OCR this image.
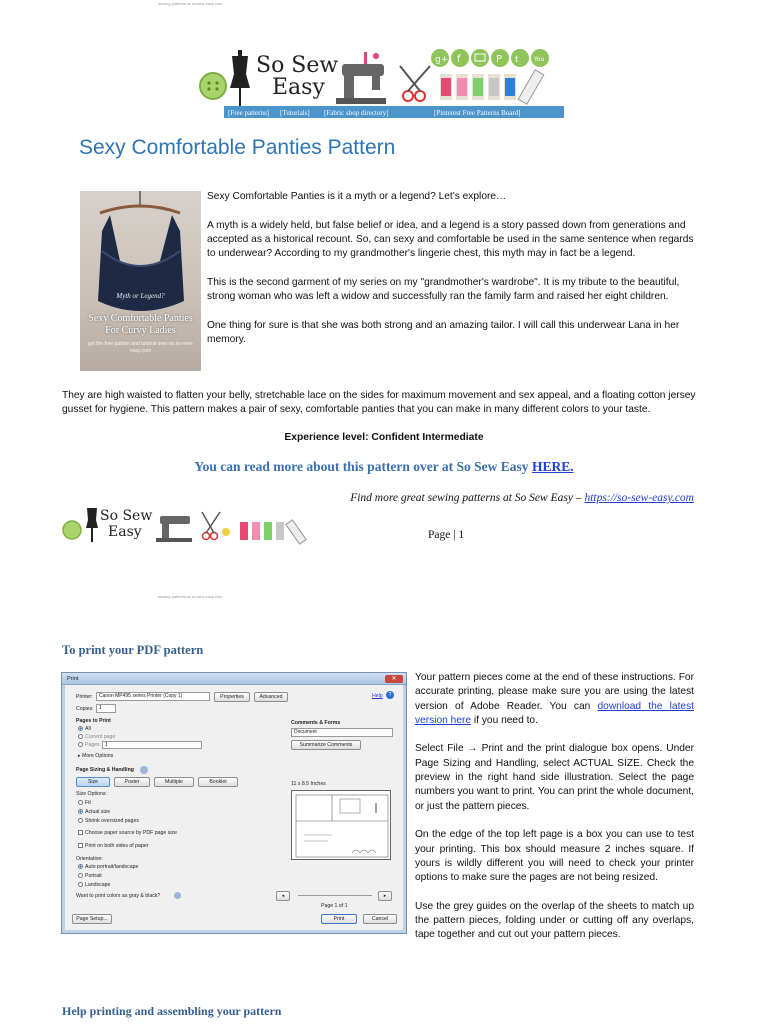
sewing patterns at so-sew-easy.com
So Sew
Easy
g+ f	P t	You
[Free patterns] [Tutorials] [Fabric shop directory]	[Pinterest Free Patterns Board]
Sexy Comfortable Panties Pattern
Myth or Legend?
Sexy Comfortable Panties For Curvy Ladies
get the free pattern and tutorial over on so-sew-easy.com

Sexy Comfortable Panties is it a myth or a legend? Let's explore…

A myth is a widely held, but false belief or idea, and a legend is a story passed down from generations and accepted as a historical recount. So, can sexy and comfortable be used in the same sentence when regards to underwear? According to my grandmother's lingerie chest, this myth may in fact be a legend.

This is the second garment of my series on my "grandmother's wardrobe". It is my tribute to the beautiful, strong woman who was left a widow and successfully ran the family farm and raised her eight children.

One thing for sure is that she was both strong and an amazing tailor. I will call this underwear Lana in her memory.

They are high waisted to flatten your belly, stretchable lace on the sides for maximum movement and sex appeal, and a floating cotton jersey gusset for hygiene. This pattern makes a pair of sexy, comfortable panties that you can make in many different colors to your taste.
Experience level: Confident Intermediate
You can read more about this pattern over at So Sew Easy HERE.
Find more great sewing patterns at So Sew Easy – https://so-sew-easy.com
So Sew
Easy	Page | 1
sewing patterns at so-sew-easy.com
To print your PDF pattern
Print	✕
Printer:	Canon MP495 series Printer (Copy 1)	Properties	Advanced	Help	?
Copies:	1
Pages to Print
All
Current page
Pages	1
▸ More Options
Page Sizing & Handling
Size	Poster	Multiple	Booklet
Size Options:
Fit
Actual size
Shrink oversized pages
Choose paper source by PDF page size
Print on both sides of paper
Orientation:
Auto portrait/landscape
Portrait
Landscape
Want to print colors as gray & black?
Comments & Forms
Document
Summarize Comments
11 x 8.5 Inches
◂	▸
Page 1 of 1
Page Setup...	Print	Cancel

Your pattern pieces come at the end of these instructions. For accurate printing, please make sure you are using the latest version of Adobe Reader. You can download the latest version here if you need to.

Select File → Print and the print dialogue box opens. Under Page Sizing and Handling, select ACTUAL SIZE. Check the preview in the right hand side illustration. Select the page numbers you want to print. You can print the whole document, or just the pattern pieces.

On the edge of the top left page is a box you can use to test your printing. This box should measure 2 inches square. If yours is wildly different you will need to check your printer options to make sure the pages are not being resized.

Use the grey guides on the overlap of the sheets to match up the pattern pieces, folding under or cutting off any overlaps, tape together and cut out your pattern pieces.

Help printing and assembling your pattern
